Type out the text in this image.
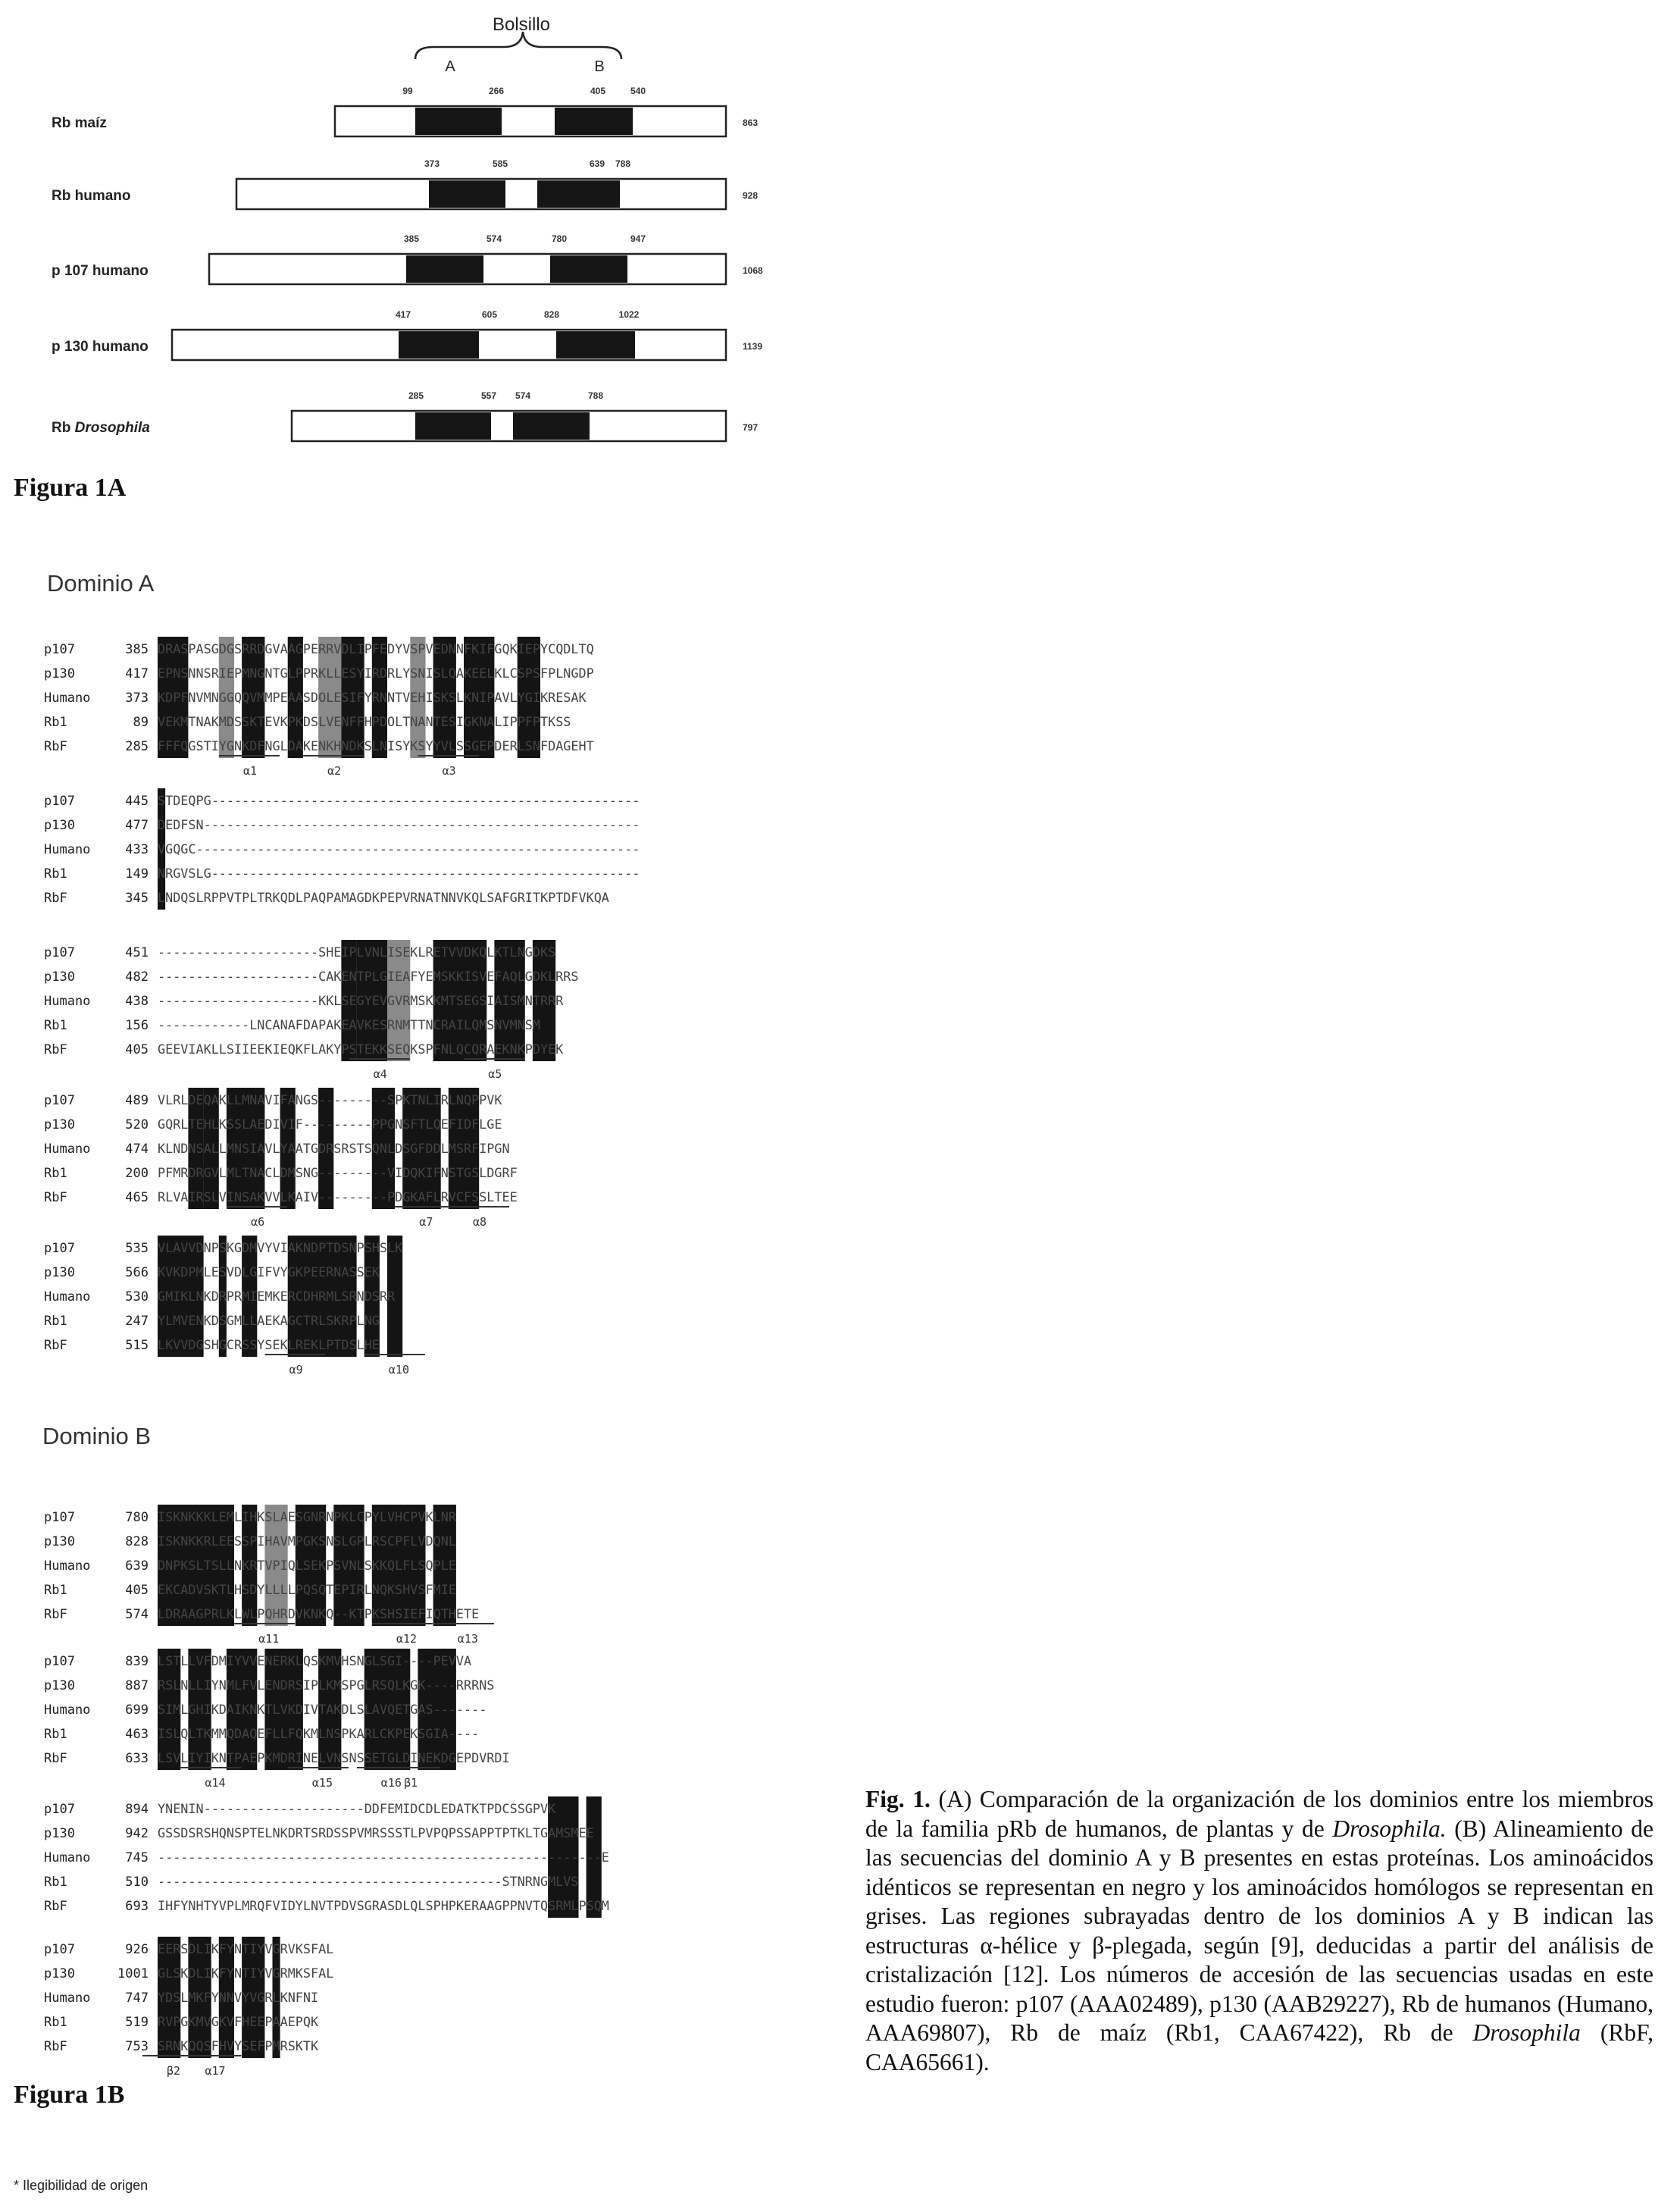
Bolsillo
A	B
Rb maíz
99	266	405	540
863
Rb humano
373	585	639 788
928
p 107 humano
385	574	780	947
1068
p 130 humano
417	605	828	1022
1139
Rb Drosophila
285	557 574	788
797
Figura 1A
Dominio A
Dominio B
p107	385 DRASPASGDGSRRDGVAAGPERRVDLIPFEDYVSPVEDNNFKIFGQKIEPYCQDLTQ
p130	417 EPNSNNSRIEPMNGNTGLPPRKLLESYIRDRLYSNISLQAKEELKLCSPSFPLNGDP
Humano	373 KDPFNVMNGGQQVMMPEAASDOLESIFYRNNTVEHISKSLKNIPAVLYGIKRESAK
Rb1	89 VEKMTNAKMDSSKTEVKPKDSLVENFFHPDOLTNANTESIGKNALIPPFPTKSS
RbF	285 FFFQGSTIYGNKDFNGLDAKENKHNDKSLNISYKSYYVLSSGEPDERLSNFDAGEHT
α1	α2	α3
p107	445 STDEQPG--------------------------------------------------------
p130	477 DEDFSN---------------------------------------------------------
Humano	433 VGQGC----------------------------------------------------------
Rb1	149 NRGVSLG--------------------------------------------------------
RbF	345 LNDQSLRPPVTPLTRKQDLPAQPAMAGDKPEPVRNATNNVKQLSAFGRITKPTDFVKQA
p107	451 ---------------------SHEIPLVNLISEKLRETVVDKQLKTLNGDKS
p130	482 ---------------------CAKENTPLGIEAFYEMSKKISVEFAQLGDKLRRS
Humano	438 ---------------------KKLSEGYEVGVRMSKKMTSEGSIAISMNTRRR
Rb1	156 ------------LNCANAFDAPAKEAVKESRNMTTNCRAILQMSNVMNSM
RbF	405 GEEVIAKLLSIIEEKIEQKFLAKYPSTEKKSEQKSPFNLQCQRAEKNKPDYEK
α4	α5
p107	489 VLRLDEQAKLLMNAVIFANGS---------SPKTNLIRLNQPPVK
p130	520 GQRLTEHLKSSLAEDIVIF---------PPGNSFTLQEFIDFLGE
Humano	474 KLNDNSALLMNSIAVLYAATGDRSRSTSQNLDSGFDDLMSRFIPGN
Rb1	200 PFMRDRGVLMLTNACLDMSNG---------VIDQKIFNSTGSLDGRF
RbF	465 RLVAIRSLVINSAKVVLKAIV---------PDGKAFLRVCFSSLTEE
α6	α7	α8
p107	535 VLAVVDNPSKGDMVYVIAKNDPTDSNPSHSLK
p130	566 KVKDPMLESVDLGIFVYGKPEERNASSEK
Humano	530 GMIKLNKDRPRMIEMKERCDHRMLSRNDSRR
Rb1	247 YLMVENKDSGMLLAEKAGCTRLSKRPLNG
RbF	515 LKVVDGSHGCRSSYSEKLREKLPTDSLHE
α9	α10
p107	780 ISKNKKKLEMLIHKSLAESGNRNPKLCPYLVHCPVKLNR
p130	828 ISKNKKRLEESSPIHAVMPGKSNSLGPLRSCPFLVDQNL
Humano	639 DNPKSLTSLLNKRTVPIQLSEKPSVNLSKKQLFLSQPLE
Rb1	405 EKCADVSKTLHSDYLLLLPQSQTEPIRLNQKSHVSFMIE
RbF	574 LDRAAGPRLKLWLPQHRDVKNKQ--KTPKSHSIEFIQTHETE
α11	α12	α13
p107	839 LSTLLVFDMIYVVENERKLQSKMVHSNGLSGI----PEVVA
p130	887 RSLNLLIYNMLFVLENDRSIPLKMSPGLRSQLKGK----RRRNS
Humano	699 SIMLGHIKDAIKNKTLVKDIVTAKDLSLAVQETGAS-------
Rb1	463 ISLQLTKMMQDAQEFLLFQKMLNSPKARLCKPEKSGIA----
RbF	633 LSVLIYIKNTPAEPKMDRINELVNSNSSETGLDINEKDGEPDVRDI
α14	α15	α16 β1
p107	894 YNENIN---------------------DDFEMIDCDLEDATKTPDCSSGPVK
p130	942 GSSDSRSHQNSPTELNKDRTSRDSSPVMRSSSTLPVPQPSSAPPTPTKLTGAMSMEE
Humano	745 ----------------------------------------------------------E
Rb1	510 ---------------------------------------------STNRNGMLVS
RbF	693 IHFYNHTYVPLMRQFVIDYLNVTPDVSGRASDLQLSPHPKERAAGPPNVTQSRMLPSQM
p107	926 EERSDLIKFYNTIYVGRVKSFAL
p130	1001 GLSKDLIKFYNTIYVGRMKSFAL
Humano	747 YDSLMKFYNNVYVGRLKNFNI
Rb1	519 RVPGKMVGKVFHEEPAAEPQK
RbF	753 SRNKQQSFHVYSEFPMRSKTK
β2 α17
Figura 1B
Fig. 1. (A) Comparación de la organización de los dominios entre los miembros de la familia pRb de humanos, de plantas y de Drosophila. (B) Alineamiento de las secuencias del dominio A y B presentes en estas proteínas. Los aminoácidos idénticos se representan en negro y los aminoácidos homólogos se representan en grises. Las regiones subrayadas dentro de los dominios A y B indican las estructuras α-hélice y β-plegada, según [9], deducidas a partir del análisis de cristalización [12]. Los números de accesión de las secuencias usadas en este estudio fueron: p107 (AAA02489), p130 (AAB29227), Rb de humanos (Humano, AAA69807), Rb de maíz (Rb1, CAA67422), Rb de Drosophila (RbF, CAA65661).
* Ilegibilidad de origen
